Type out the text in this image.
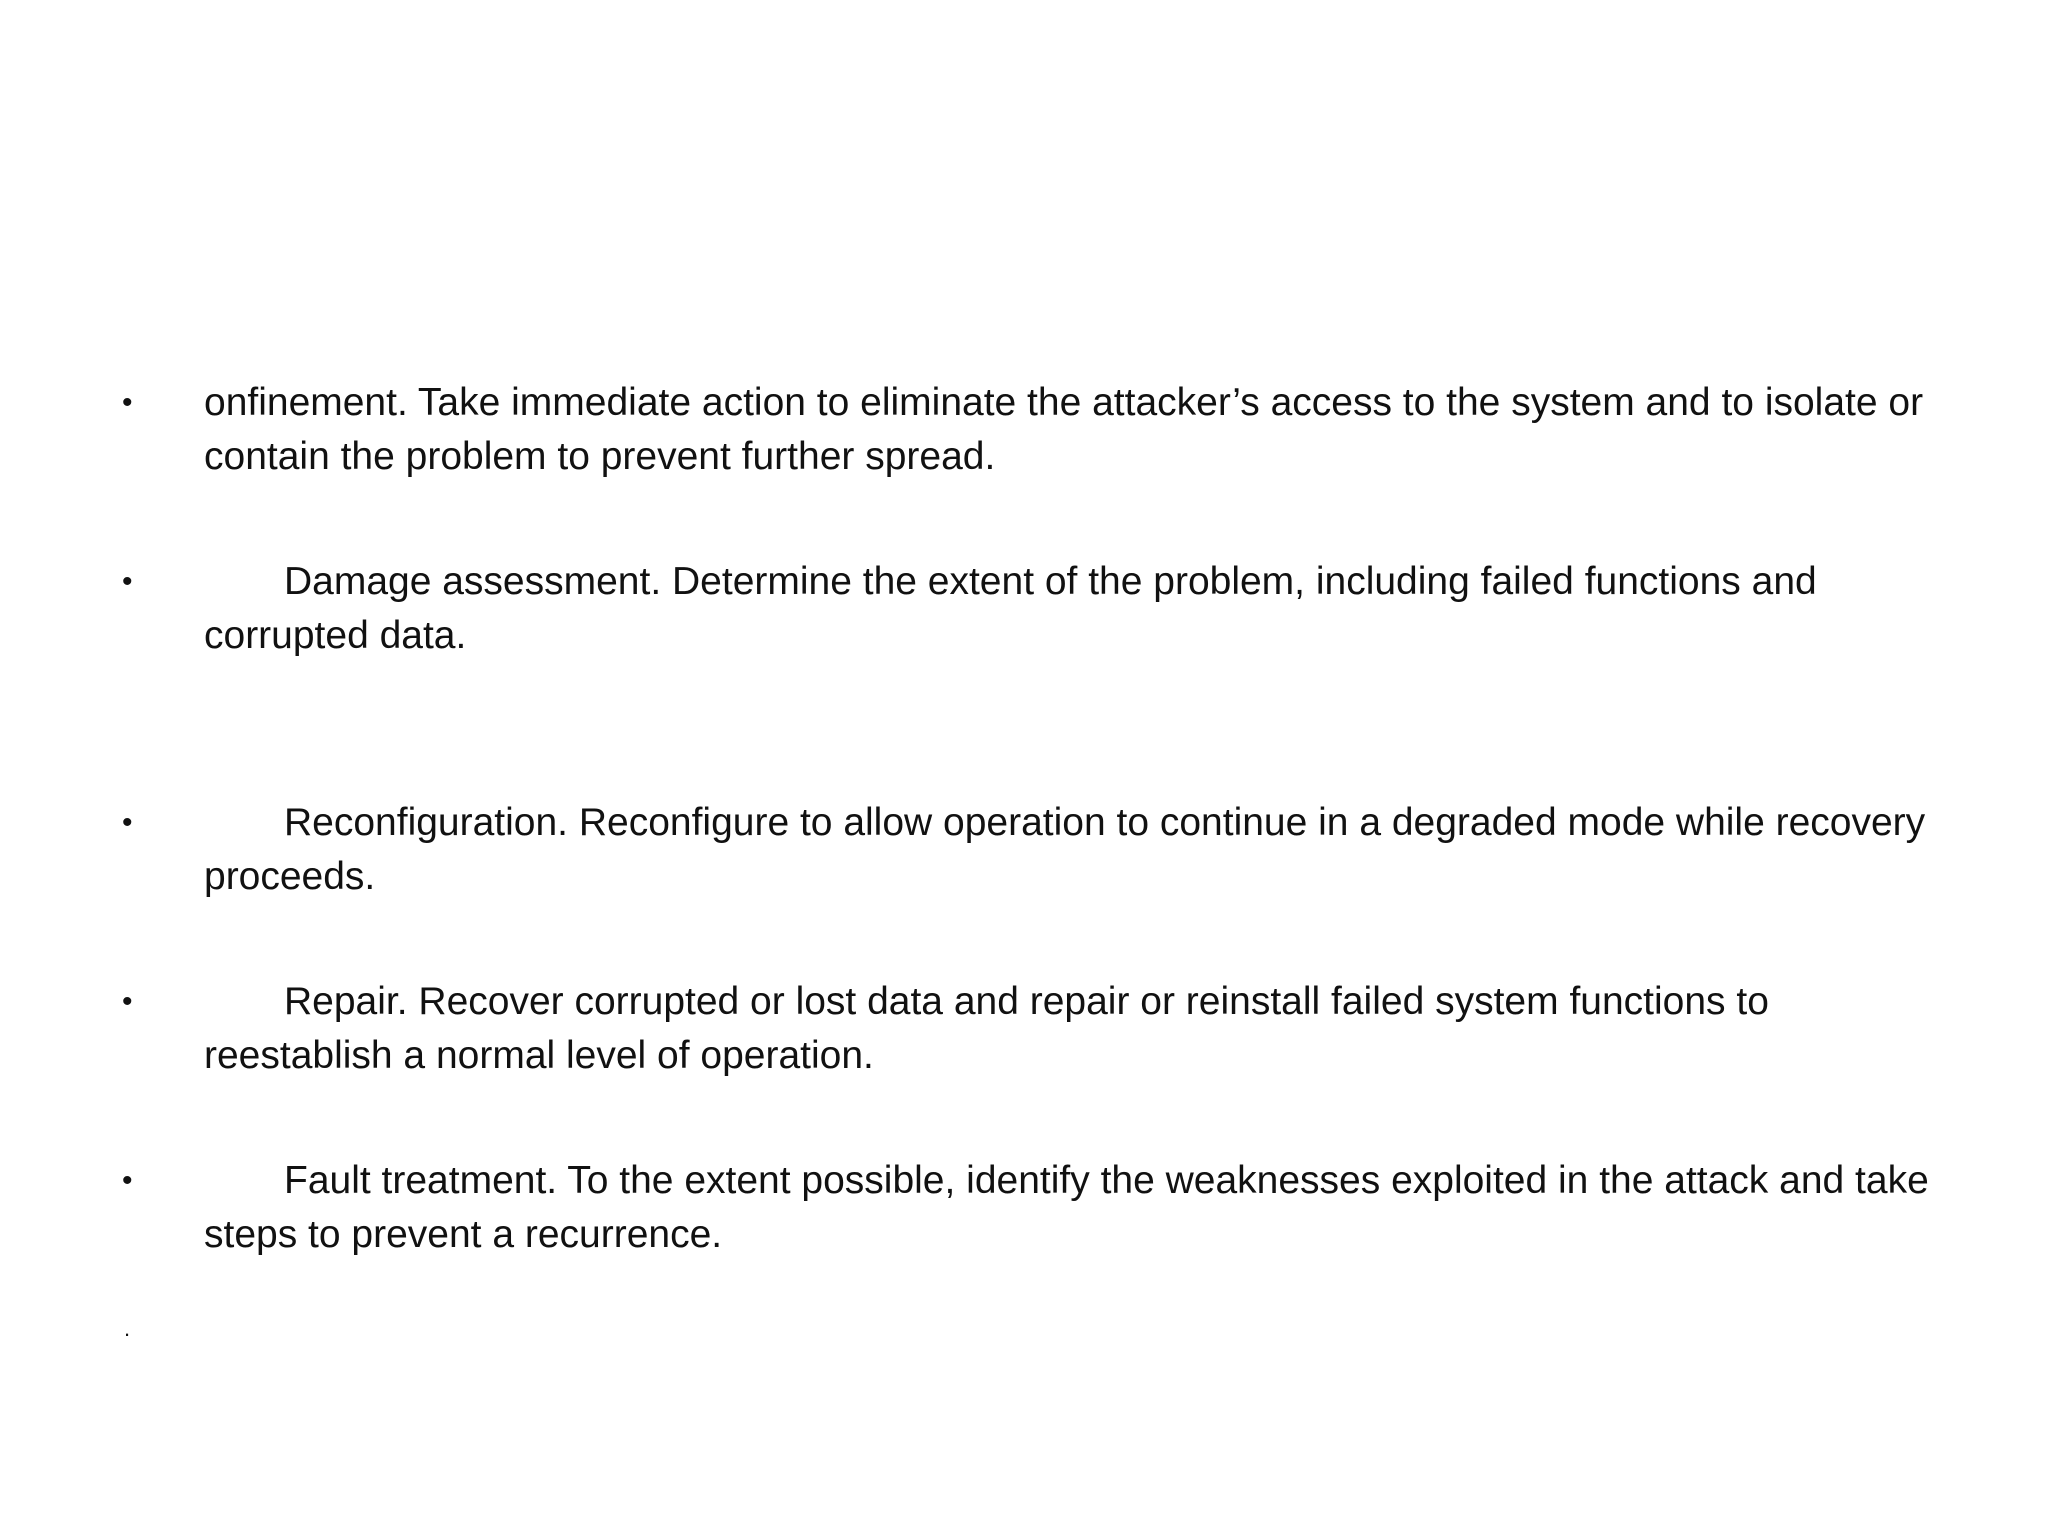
• onfinement. Take immediate action to eliminate the attacker’s access to the system and to isolate or contain the problem to prevent further spread.
•	Damage assessment. Determine the extent of the problem, including failed functions and corrupted data.
•	Reconfiguration. Reconfigure to allow operation to continue in a degraded mode while recovery proceeds.
•	Repair. Recover corrupted or lost data and repair or reinstall failed system functions to reestablish a normal level of operation.
•	Fault treatment. To the extent possible, identify the weaknesses exploited in the attack and take steps to prevent a recurrence.
.
